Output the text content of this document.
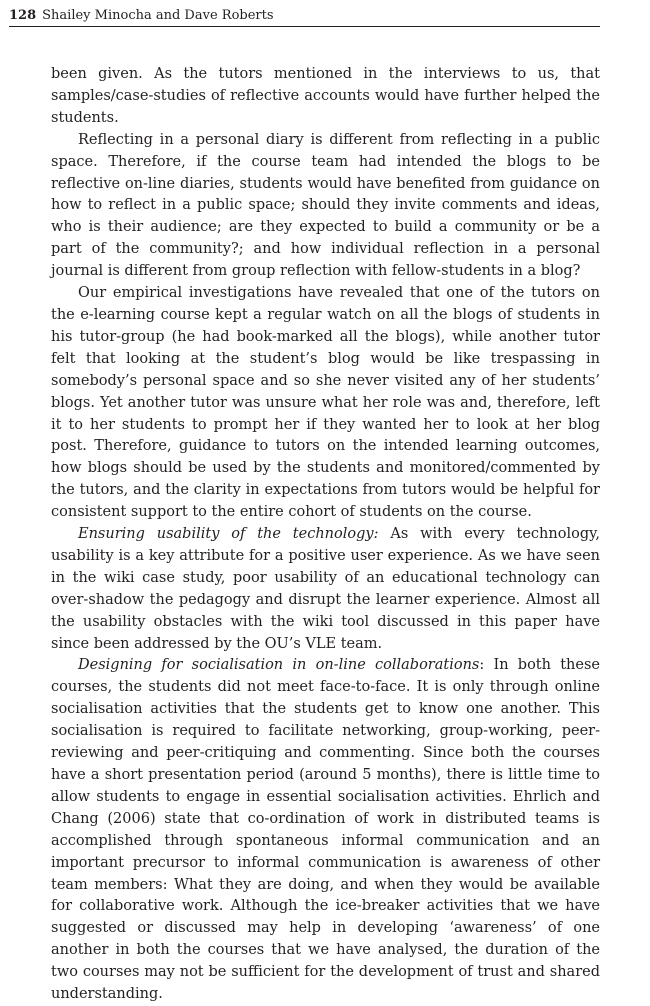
128 Shailey Minocha and Dave Roberts

been given. As the tutors mentioned in the interviews to us, that samples/case-studies of reflective accounts would have further helped the students.

Reflecting in a personal diary is different from reflecting in a public space. Therefore, if the course team had intended the blogs to be reflective on-line diaries, students would have benefited from guidance on how to reflect in a public space; should they invite comments and ideas, who is their audience; are they expected to build a community or be a part of the community?; and how individual reflection in a personal journal is different from group reflection with fellow-students in a blog?

Our empirical investigations have revealed that one of the tutors on the e-learning course kept a regular watch on all the blogs of students in his tutor-group (he had book-marked all the blogs), while another tutor felt that looking at the student’s blog would be like trespassing in somebody’s personal space and so she never visited any of her students’ blogs. Yet another tutor was unsure what her role was and, therefore, left it to her students to prompt her if they wanted her to look at her blog post. Therefore, guidance to tutors on the intended learning outcomes, how blogs should be used by the students and monitored/commented by the tutors, and the clarity in expectations from tutors would be helpful for consistent support to the entire cohort of students on the course.

Ensuring usability of the technology: As with every technology, usability is a key attribute for a positive user experience. As we have seen in the wiki case study, poor usability of an educational technology can over-shadow the pedagogy and disrupt the learner experience. Almost all the usability obstacles with the wiki tool discussed in this paper have since been addressed by the OU’s VLE team.

Designing for socialisation in on-line collaborations: In both these courses, the students did not meet face-to-face. It is only through online socialisation activities that the students get to know one another. This socialisation is required to facilitate networking, group-working, peer-reviewing and peer-critiquing and commenting. Since both the courses have a short presentation period (around 5 months), there is little time to allow students to engage in essential socialisation activities. Ehrlich and Chang (2006) state that co-ordination of work in distributed teams is accomplished through spontaneous informal communication and an important precursor to informal communication is awareness of other team members: What they are doing, and when they would be available for collaborative work. Although the ice-breaker activities that we have suggested or discussed may help in developing ‘awareness’ of one another in both the courses that we have analysed, the duration of the two courses may not be sufficient for the development of trust and shared understanding.
